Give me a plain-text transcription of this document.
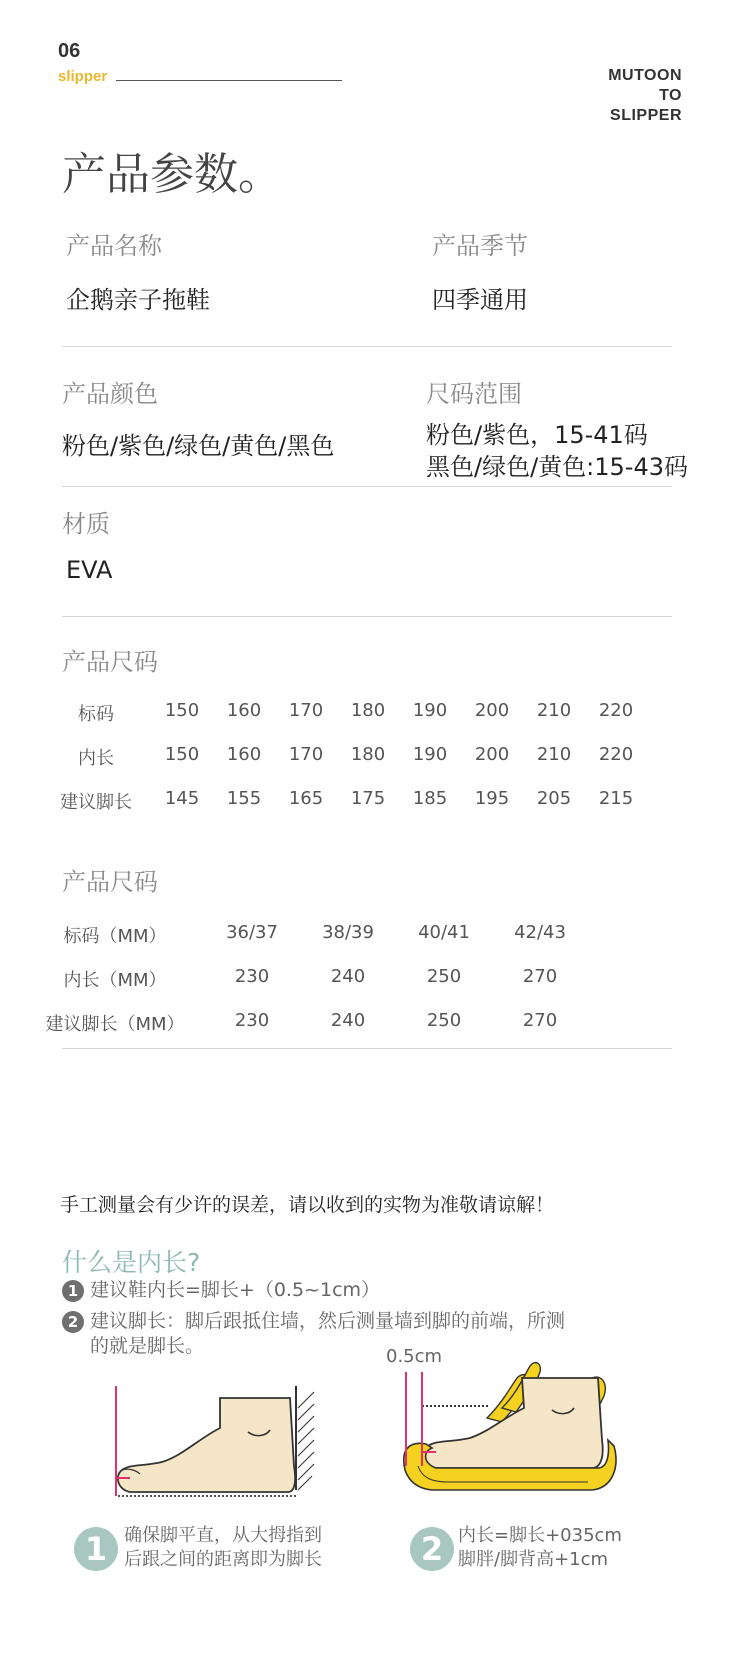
06
slipper	MUTOON
TO
SLIPPER
产品参数。
产品名称
企鹅亲子拖鞋
产品季节
四季通用
产品颜色
粉色/紫色/绿色/黄色/黑色
尺码范围
粉色/紫色，15-41码
黑色/绿色/黄色:15-43码
材质
EVA
产品尺码
标码	150	160	170	180	190	200	210	220
内长	150	160	170	180	190	200	210	220
建议脚长	145	155	165	175	185	195	205	215
产品尺码
标码（MM）	36/37 38/39 40/41 42/43
内长（MM）	230	240	250	270
建议脚长（MM）	230	240	250	270
手工测量会有少许的误差，请以收到的实物为准敬请谅解！
什么是内长?
1 建议鞋内长=脚长+（0.5~1cm）
2 建议脚长：脚后跟抵住墙，然后测量墙到脚的前端，所测
的就是脚长。	0.5cm
1 确保脚平直，从大拇指到
后跟之间的距离即为脚长	2 内长=脚长+035cm
脚胖/脚背高+1cm
